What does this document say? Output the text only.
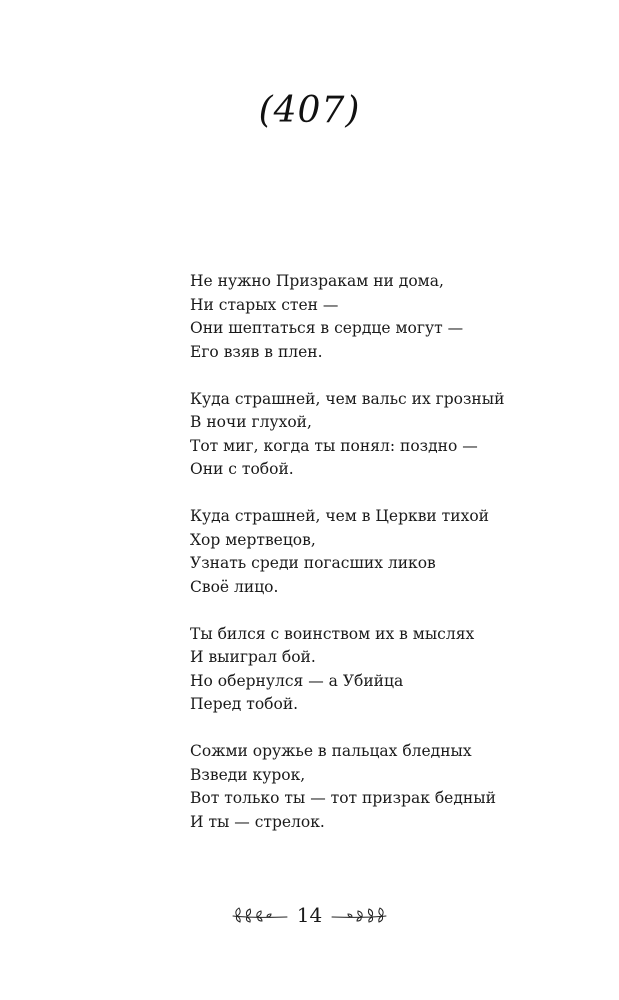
(407)
Не нужно Призракам ни дома,
Ни старых стен —
Они шептаться в сердце могут —
Его взяв в плен.
Куда страшней, чем вальс их грозный
В ночи глухой,
Тот миг, когда ты понял: поздно —
Они с тобой.
Куда страшней, чем в Церкви тихой
Хор мертвецов,
Узнать среди погасших ликов
Своё лицо.
Ты бился с воинством их в мыслях
И выиграл бой.
Но обернулся — а Убийца
Перед тобой.
Сожми оружье в пальцах бледных
Взведи курок,
Вот только ты — тот призрак бедный
И ты — стрелок.
14
